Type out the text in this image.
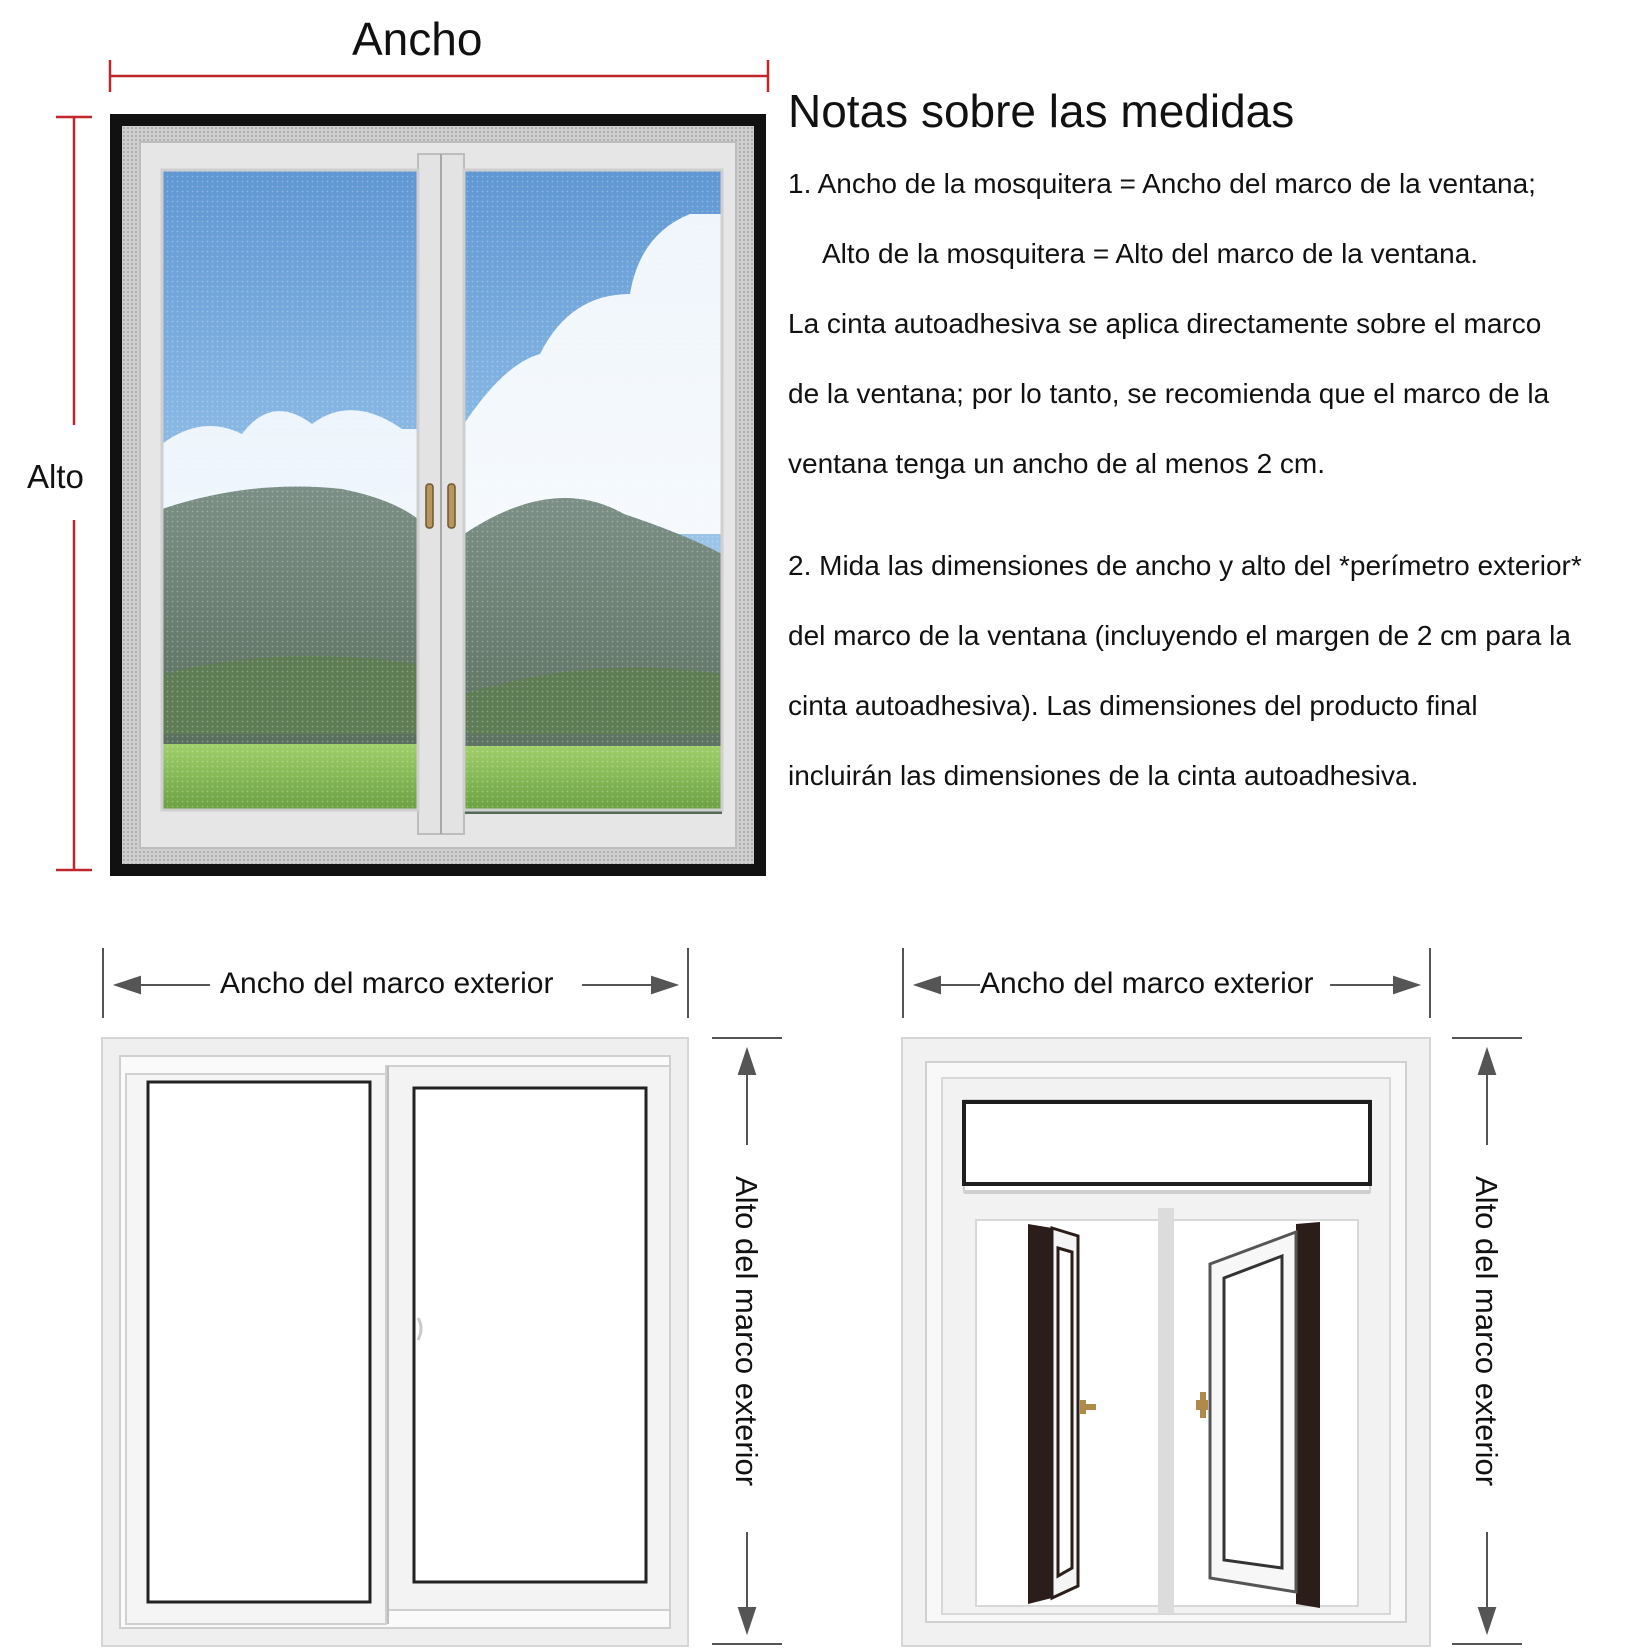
Ancho
Alto
Notas sobre las medidas
1. Ancho de la mosquitera = Ancho del marco de la ventana;
Alto de la mosquitera = Alto del marco de la ventana.
La cinta autoadhesiva se aplica directamente sobre el marco
de la ventana; por lo tanto, se recomienda que el marco de la
ventana tenga un ancho de al menos 2 cm.
2. Mida las dimensiones de ancho y alto del *perímetro exterior*
del marco de la ventana (incluyendo el margen de 2 cm para la
cinta autoadhesiva). Las dimensiones del producto final
incluirán las dimensiones de la cinta autoadhesiva.
Ancho del marco exterior
Alto del marco exterior
Ancho del marco exterior
Alto del marco exterior
